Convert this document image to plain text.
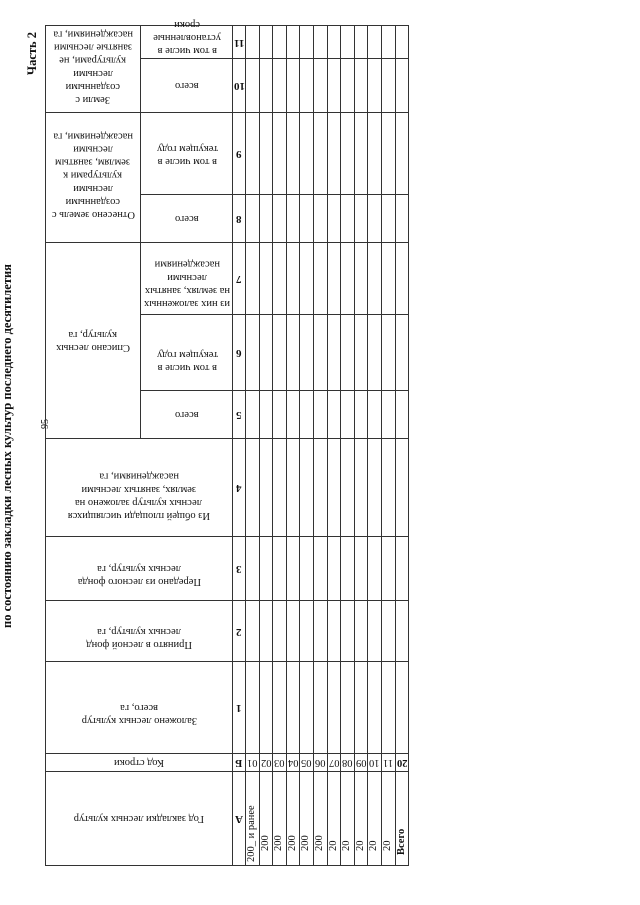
95
по состоянию закладки лесных культур последнего десятилетия
Часть 2
Год закладки лесных культур	Код строки	Заложено лесных культур всего, га	Принято в лесной фонд лесных культур, га	Передано из лесного фонда лесных культур, га	Из общей площади числящихся лесных культур заложено на землях, занятых лесными насаждениями, га	Списано лесных культур, га			Отнесено земель с созданными лесными культурами к землям, занятым лесными насаждениями, га		Земли с созданными лесными культурами, не занятые лесными насаждениями, га	

						всего	в том числе в текущем году	из них заложенных на землях, занятых лесными насаждениями	всего	в том числе в текущем году	всего	в том числе в установленные сроки

А	Б	1	2	3	4	5	6	7	8	9	10	11

200_ и ранее	01											

200	02											

200	03											

200	04											

200	05											

200	06											

20	07											

20	08											

20	09											

20	10											

20	11											

Всего	20											
